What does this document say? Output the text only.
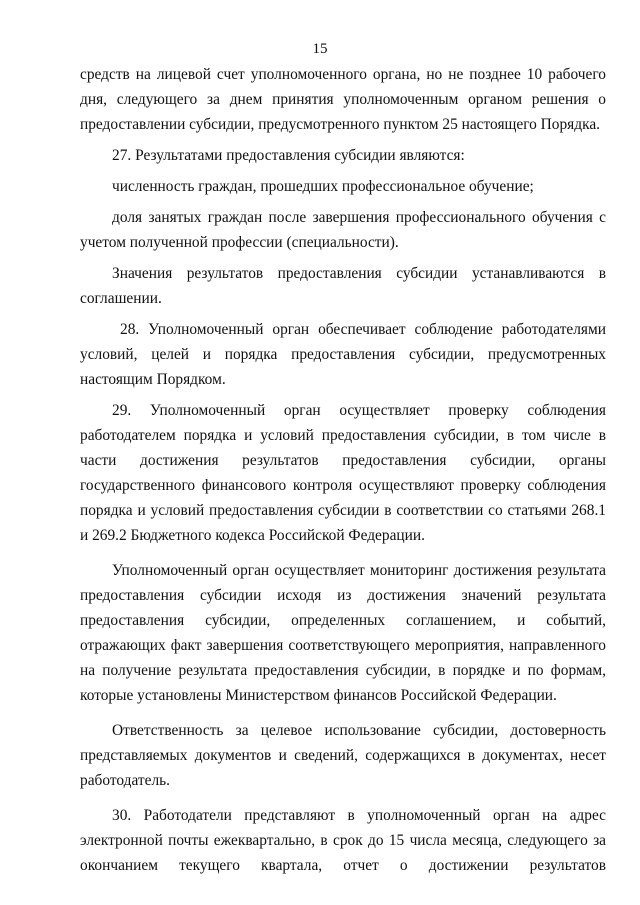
15

средств на лицевой счет уполномоченного органа, но не позднее 10 рабочего дня, следующего за днем принятия уполномоченным органом решения о предоставлении субсидии, предусмотренного пунктом 25 настоящего Порядка.

27. Результатами предоставления субсидии являются:

численность граждан, прошедших профессиональное обучение;

доля занятых граждан после завершения профессионального обучения с учетом полученной профессии (специальности).

Значения результатов предоставления субсидии устанавливаются в соглашении.

28. Уполномоченный орган обеспечивает соблюдение работодателями условий, целей и порядка предоставления субсидии, предусмотренных настоящим Порядком.

29. Уполномоченный орган осуществляет проверку соблюдения работодателем порядка и условий предоставления субсидии, в том числе в части достижения результатов предоставления субсидии, органы государственного финансового контроля осуществляют проверку соблюдения порядка и условий предоставления субсидии в соответствии со статьями 268.1 и 269.2 Бюджетного кодекса Российской Федерации.

Уполномоченный орган осуществляет мониторинг достижения результата предоставления субсидии исходя из достижения значений результата предоставления субсидии, определенных соглашением, и событий, отражающих факт завершения соответствующего мероприятия, направленного на получение результата предоставления субсидии, в порядке и по формам, которые установлены Министерством финансов Российской Федерации.

Ответственность за целевое использование субсидии, достоверность представляемых документов и сведений, содержащихся в документах, несет работодатель.

30. Работодатели представляют в уполномоченный орган на адрес электронной почты ежеквартально, в срок до 15 числа месяца, следующего за окончанием текущего квартала, отчет о достижении результатов
